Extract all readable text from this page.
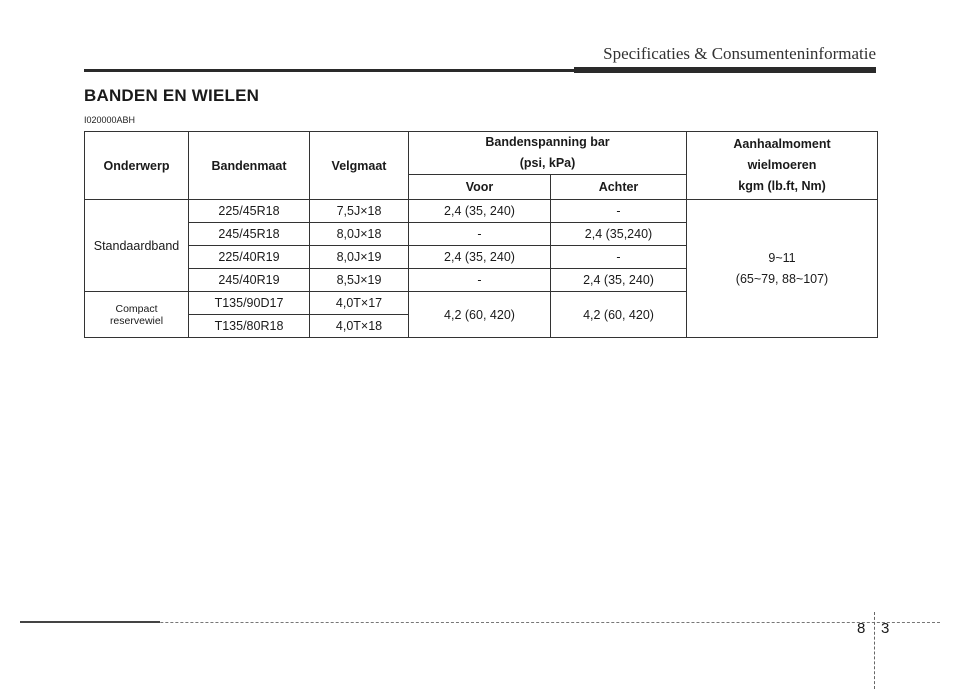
Specificaties & Consumenteninformatie
BANDEN EN WIELEN
I020000ABH
Onderwerp	Bandenmaat	Velgmaat	Bandenspanning bar
(psi, kPa)		Aanhaalmoment
wielmoeren
kgm (lb.ft, Nm)

			Voor	Achter	
Standaardband	225/45R18	7,5J×18	2,4 (35, 240)	-	9~11
(65~79, 88~107)

	245/45R18	8,0J×18	-	2,4 (35,240)	
	225/40R19	8,0J×19	2,4 (35, 240)	-	
	245/40R19	8,5J×19	-	2,4 (35, 240)	

Compact
reservewiel	T135/90D17	4,0T×17	4,2 (60, 420)	4,2 (60, 420)	
	T135/80R18	4,0T×18			
8 3
